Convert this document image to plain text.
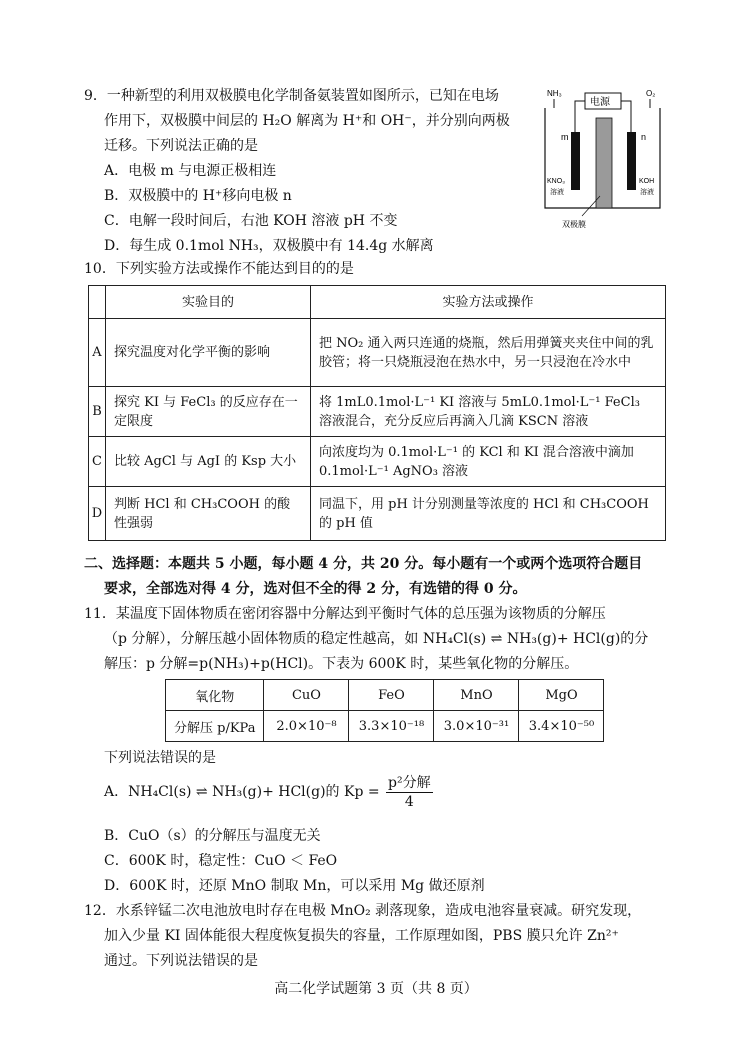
9．一种新型的利用双极膜电化学制备氨装置如图所示，已知在电场
作用下，双极膜中间层的 H₂O 解离为 H⁺和 OH⁻，并分别向两极
迁移。下列说法正确的是
A．电极 m 与电源正极相连
B．双极膜中的 H⁺移向电极 n
C．电解一段时间后，右池 KOH 溶液 pH 不变
D．每生成 0.1mol NH₃，双极膜中有 14.4g 水解离
NH₃	O₂
电源
m	n
KNO₃
溶液
KOH
溶液
双极膜
10．下列实验方法或操作不能达到目的的是
	实验目的	实验方法或操作
A	探究温度对化学平衡的影响	把 NO₂ 通入两只连通的烧瓶，然后用弹簧夹夹住中间的乳胶管；将一只烧瓶浸泡在热水中，另一只浸泡在冷水中
B	探究 KI 与 FeCl₃ 的反应存在一定限度	将 1mL0.1mol·L⁻¹ KI 溶液与 5mL0.1mol·L⁻¹ FeCl₃ 溶液混合，充分反应后再滴入几滴 KSCN 溶液
C	比较 AgCl 与 AgI 的 Ksp 大小	向浓度均为 0.1mol·L⁻¹ 的 KCl 和 KI 混合溶液中滴加 0.1mol·L⁻¹ AgNO₃ 溶液
D	判断 HCl 和 CH₃COOH 的酸性强弱	同温下，用 pH 计分别测量等浓度的 HCl 和 CH₃COOH 的 pH 值
二、选择题：本题共 5 小题，每小题 4 分，共 20 分。每小题有一个或两个选项符合题目
要求，全部选对得 4 分，选对但不全的得 2 分，有选错的得 0 分。
11．某温度下固体物质在密闭容器中分解达到平衡时气体的总压强为该物质的分解压
（p 分解），分解压越小固体物质的稳定性越高，如 NH₄Cl(s) ⇌ NH₃(g)+ HCl(g)的分
解压：p 分解=p(NH₃)+p(HCl)。下表为 600K 时，某些氧化物的分解压。
氧化物	CuO	FeO	MnO	MgO
分解压 p/KPa	2.0×10⁻⁸	3.3×10⁻¹⁸	3.0×10⁻³¹	3.4×10⁻⁵⁰
下列说法错误的是
A．NH₄Cl(s) ⇌ NH₃(g)+ HCl(g)的 $Kp = \frac{\text{p²分解}}{4}$
B．CuO（s）的分解压与温度无关
C．600K 时，稳定性：CuO ＜ FeO
D．600K 时，还原 MnO 制取 Mn，可以采用 Mg 做还原剂
12．水系锌锰二次电池放电时存在电极 MnO₂ 剥落现象，造成电池容量衰减。研究发现，
加入少量 KI 固体能很大程度恢复损失的容量，工作原理如图，PBS 膜只允许 Zn²⁺
通过。下列说法错误的是
高二化学试题第 3 页（共 8 页）
